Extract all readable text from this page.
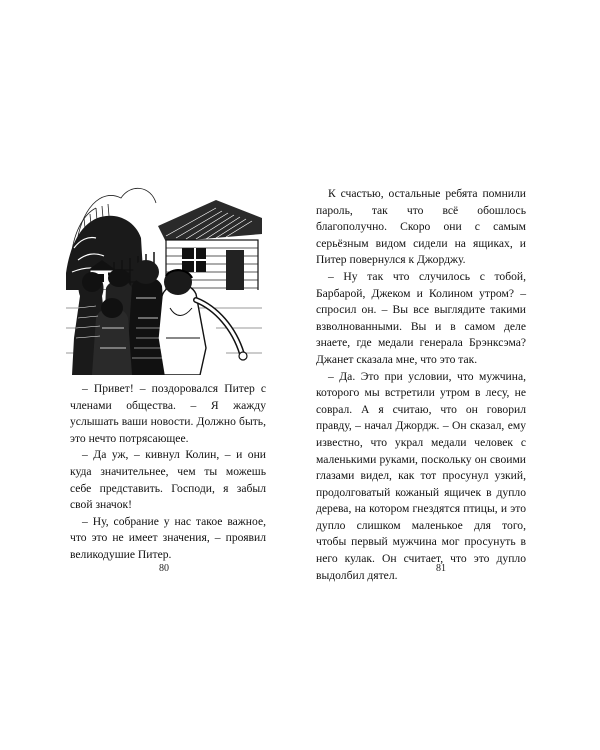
– Привет! – поздоровался Питер с членами общества. – Я жажду услышать ваши новости. Должно быть, это нечто потрясающее.

– Да уж, – кивнул Колин, – и они куда значительнее, чем ты можешь себе представить. Господи, я забыл свой значок!

– Ну, собрание у нас такое важное, что это не имеет значения, – проявил великодушие Питер.

80

К счастью, остальные ребята помнили пароль, так что всё обошлось благополучно. Скоро они с самым серьёзным видом сидели на ящиках, и Питер повернулся к Джорджу.

– Ну так что случилось с тобой, Барбарой, Джеком и Колином утром? – спросил он. – Вы все выглядите такими взволнованными. Вы и в самом деле знаете, где медали генерала Брэнксэма? Джанет сказала мне, что это так.

– Да. Это при условии, что мужчина, которого мы встретили утром в лесу, не соврал. А я считаю, что он говорил правду, – начал Джордж. – Он сказал, ему известно, что украл медали человек с маленькими руками, поскольку он своими глазами видел, как тот просунул узкий, продолговатый кожаный ящичек в дупло дерева, на котором гнездятся птицы, и это дупло слишком маленькое для того, чтобы первый мужчина мог просунуть в него кулак. Он считает, что это дупло выдолбил дятел.

81
